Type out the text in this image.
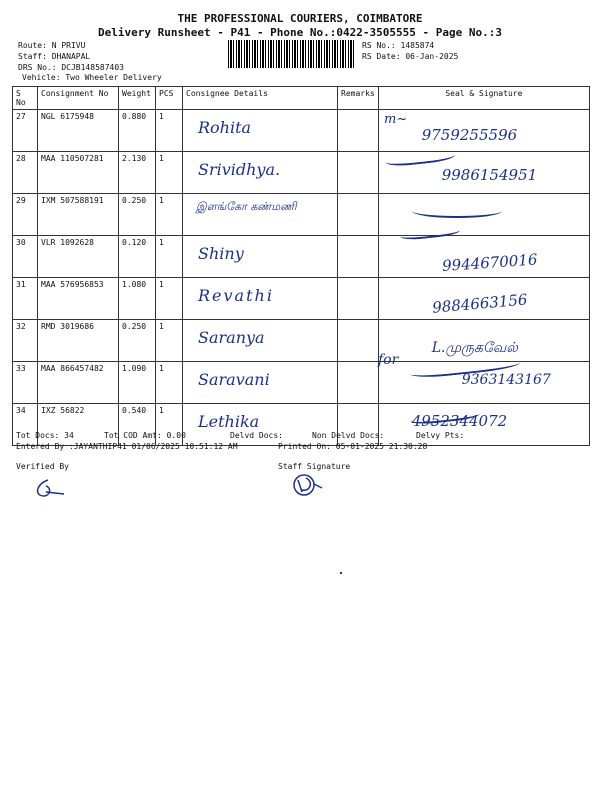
THE PROFESSIONAL COURIERS, COIMBATORE
Delivery Runsheet - P41 - Phone No.:0422-3505555 - Page No.:3
Route: N PRIVU
Staff: DHANAPAL
DRS No.: DCJB148587403
Vehicle: Two Wheeler Delivery
RS No.: 1485874
RS Date: 06-Jan-2025
S No	Consignment No	Weight	PCS	Consignee Details	Remarks	Seal & Signature
27	NGL 6175948	0.880	1	Rohita		9759255596

28	MAA 110507281	2.130	1	Srividhya.		9986154951

29	IXM 507588191	0.250	1	இளங்கோ கண்மணி		

30	VLR 1092628	0.120	1	Shiny		9944670016

31	MAA 576956853	1.080	1	Revathi		9884663156

32	RMD 3019686	0.250	1	Saranya		L.முருகவேல்

33	MAA 866457482	1.090	1	Saravani		9363143167

34	IXZ 56822	0.540	1	Lethika		4952344072
m~
for
Tot Docs: 34	Tot COD Amt: 0.00	Delvd Docs:	Non Delvd Docs:	Delvy Pts:
Entered By :JAYANTHIP41 01/06/2025 10:51:12 AM	Printed On: 05-01-2025 21:30:28
Verified By	Staff Signature
